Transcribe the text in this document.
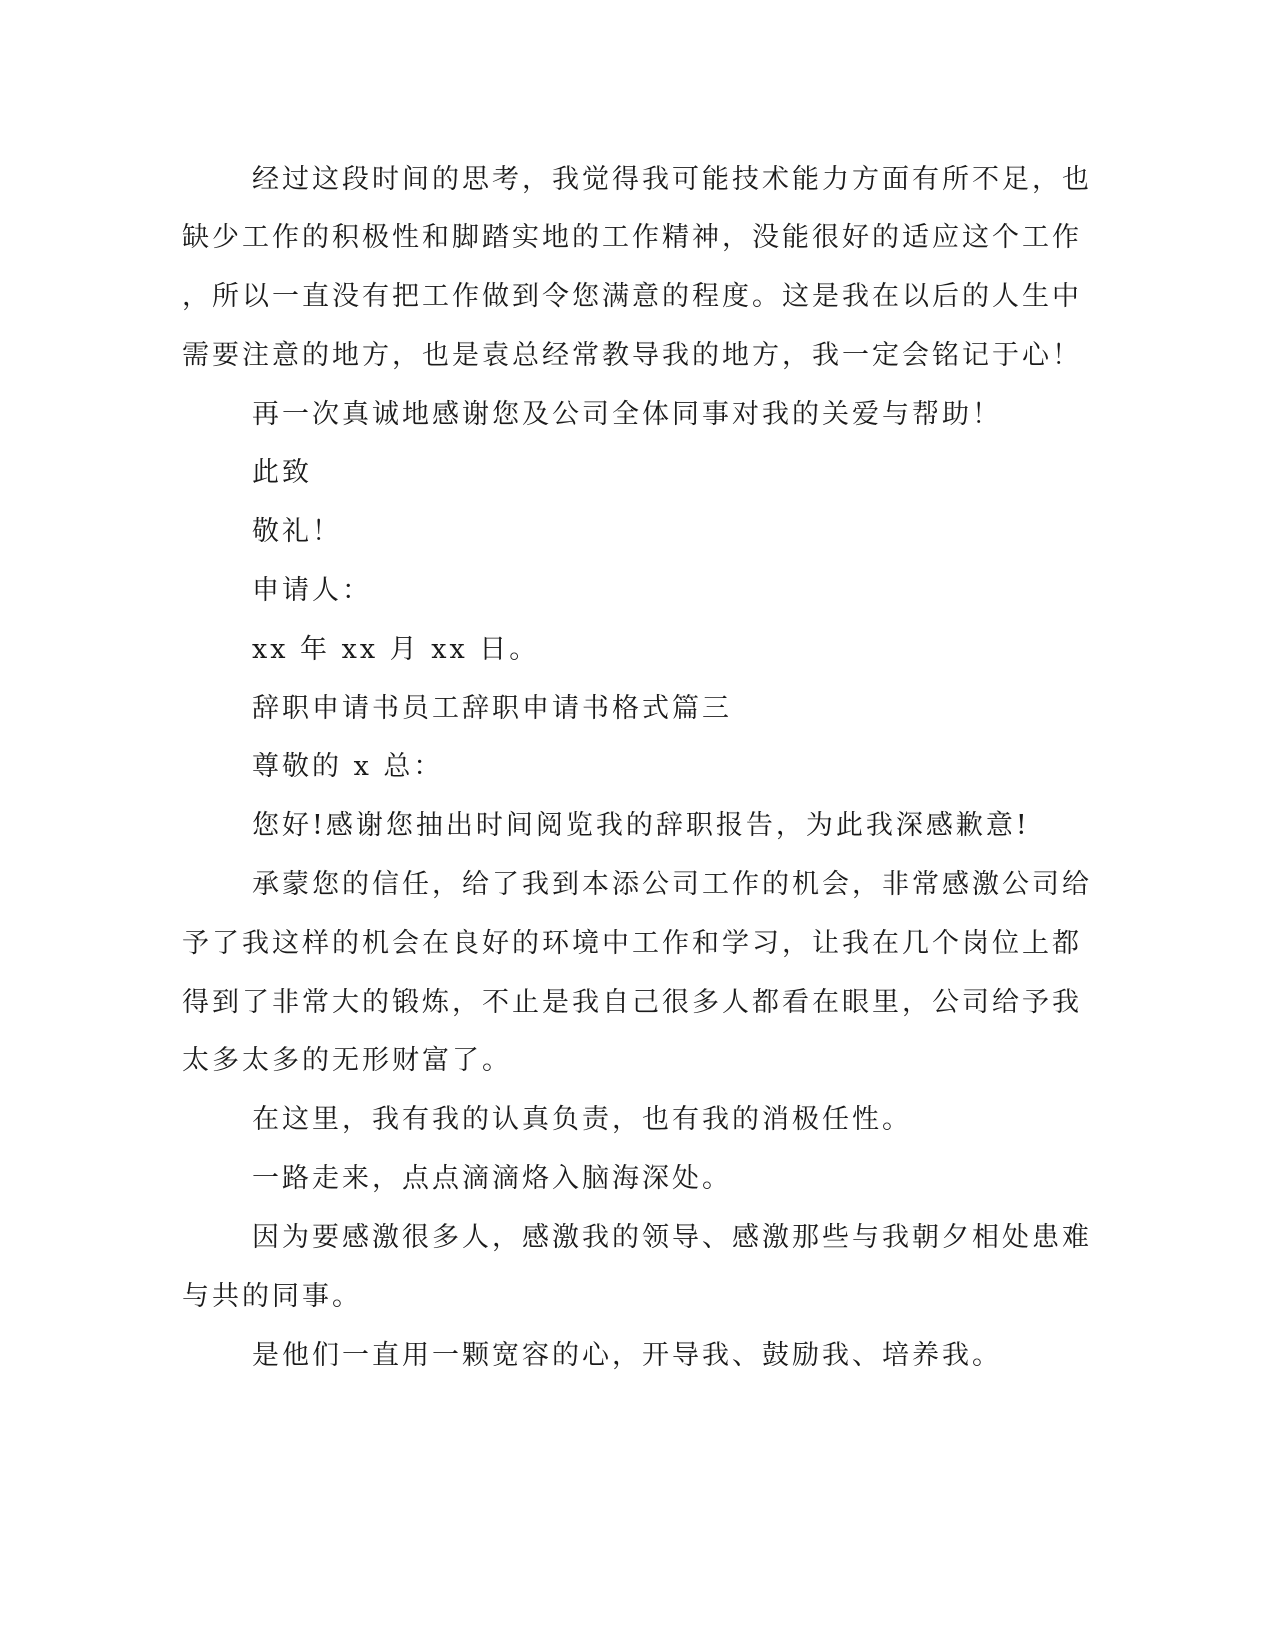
经过这段时间的思考，我觉得我可能技术能力方面有所不足，也
缺少工作的积极性和脚踏实地的工作精神，没能很好的适应这个工作
，所以一直没有把工作做到令您满意的程度。这是我在以后的人生中
需要注意的地方，也是袁总经常教导我的地方，我一定会铭记于心！
再一次真诚地感谢您及公司全体同事对我的关爱与帮助！
此致
敬礼！
申请人：
xx 年 xx 月 xx 日。
辞职申请书员工辞职申请书格式篇三
尊敬的 x 总：
您好!感谢您抽出时间阅览我的辞职报告，为此我深感歉意!
承蒙您的信任，给了我到本添公司工作的机会，非常感激公司给
予了我这样的机会在良好的环境中工作和学习，让我在几个岗位上都
得到了非常大的锻炼，不止是我自己很多人都看在眼里，公司给予我
太多太多的无形财富了。
在这里，我有我的认真负责，也有我的消极任性。
一路走来，点点滴滴烙入脑海深处。
因为要感激很多人，感激我的领导、感激那些与我朝夕相处患难
与共的同事。
是他们一直用一颗宽容的心，开导我、鼓励我、培养我。
